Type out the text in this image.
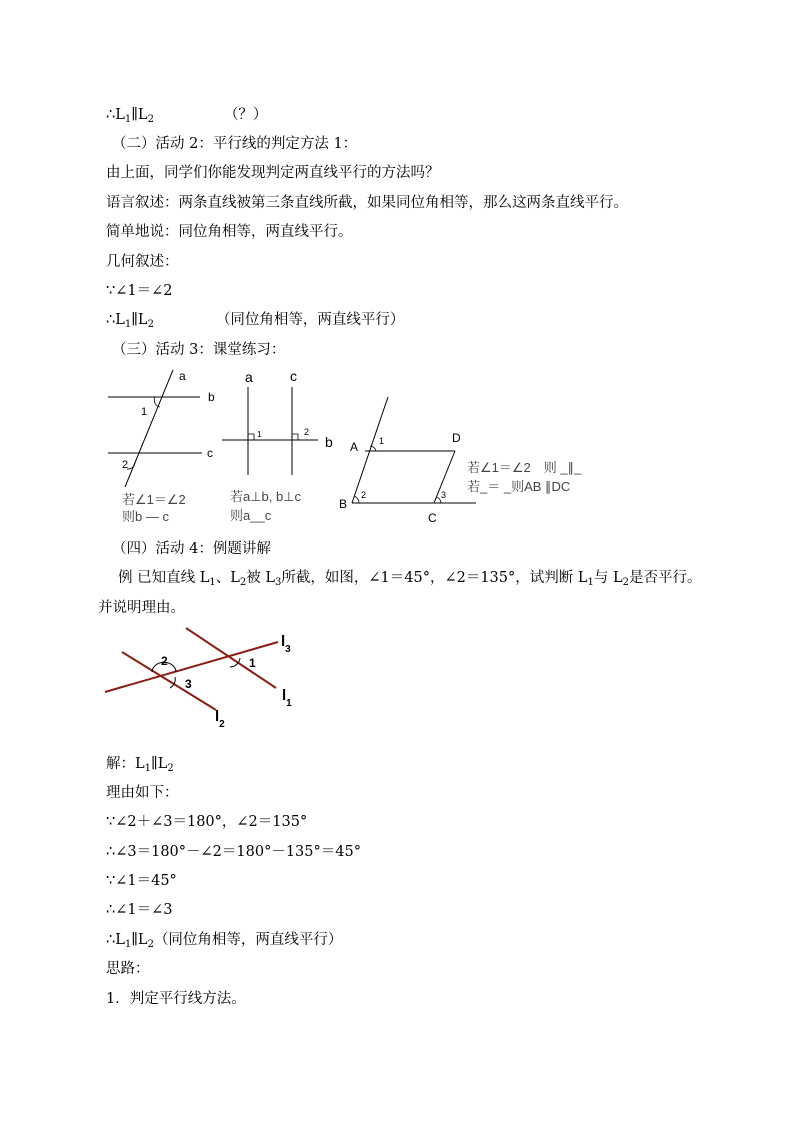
$\therefore L_1\parallel L_2$	（？）
（二）活动 2：平行线的判定方法 1：
由上面，同学们你能发现判定两直线平行的方法吗？
语言叙述：两条直线被第三条直线所截，如果同位角相等，那么这两条直线平行。
简单地说：同位角相等，两直线平行。
几何叙述：
∵∠1＝∠2
$\therefore L_1\parallel L_2$	（同位角相等，两直线平行）
（三）活动 3：课堂练习：
a
b
c
1
2
若∠1＝∠2
则b — c
a	c
b
1	2
若a⊥b, b⊥c
则a__c
A
D
B
C
1
2	3
若∠1＝∠2　则 _∥_
若_＝ _则AB ∥DC
（四）活动 4：例题讲解
例 已知直线 $L_1$、$L_2$被 $L_3$所截，如图，∠1＝45°，∠2＝135°，试判断 $L_1$与 $L_2$是否平行。
并说明理由。
2
3
1
$l_3$
$l_1$
$l_2$
解：$L_1\parallel L_2$
理由如下：
∵∠2＋∠3＝180°，∠2＝135°
∴∠3＝180°－∠2＝180°－135°＝45°
∵∠1＝45°
∴∠1＝∠3
$\therefore L_1\parallel L_2$（同位角相等，两直线平行）
思路：
1．判定平行线方法。
